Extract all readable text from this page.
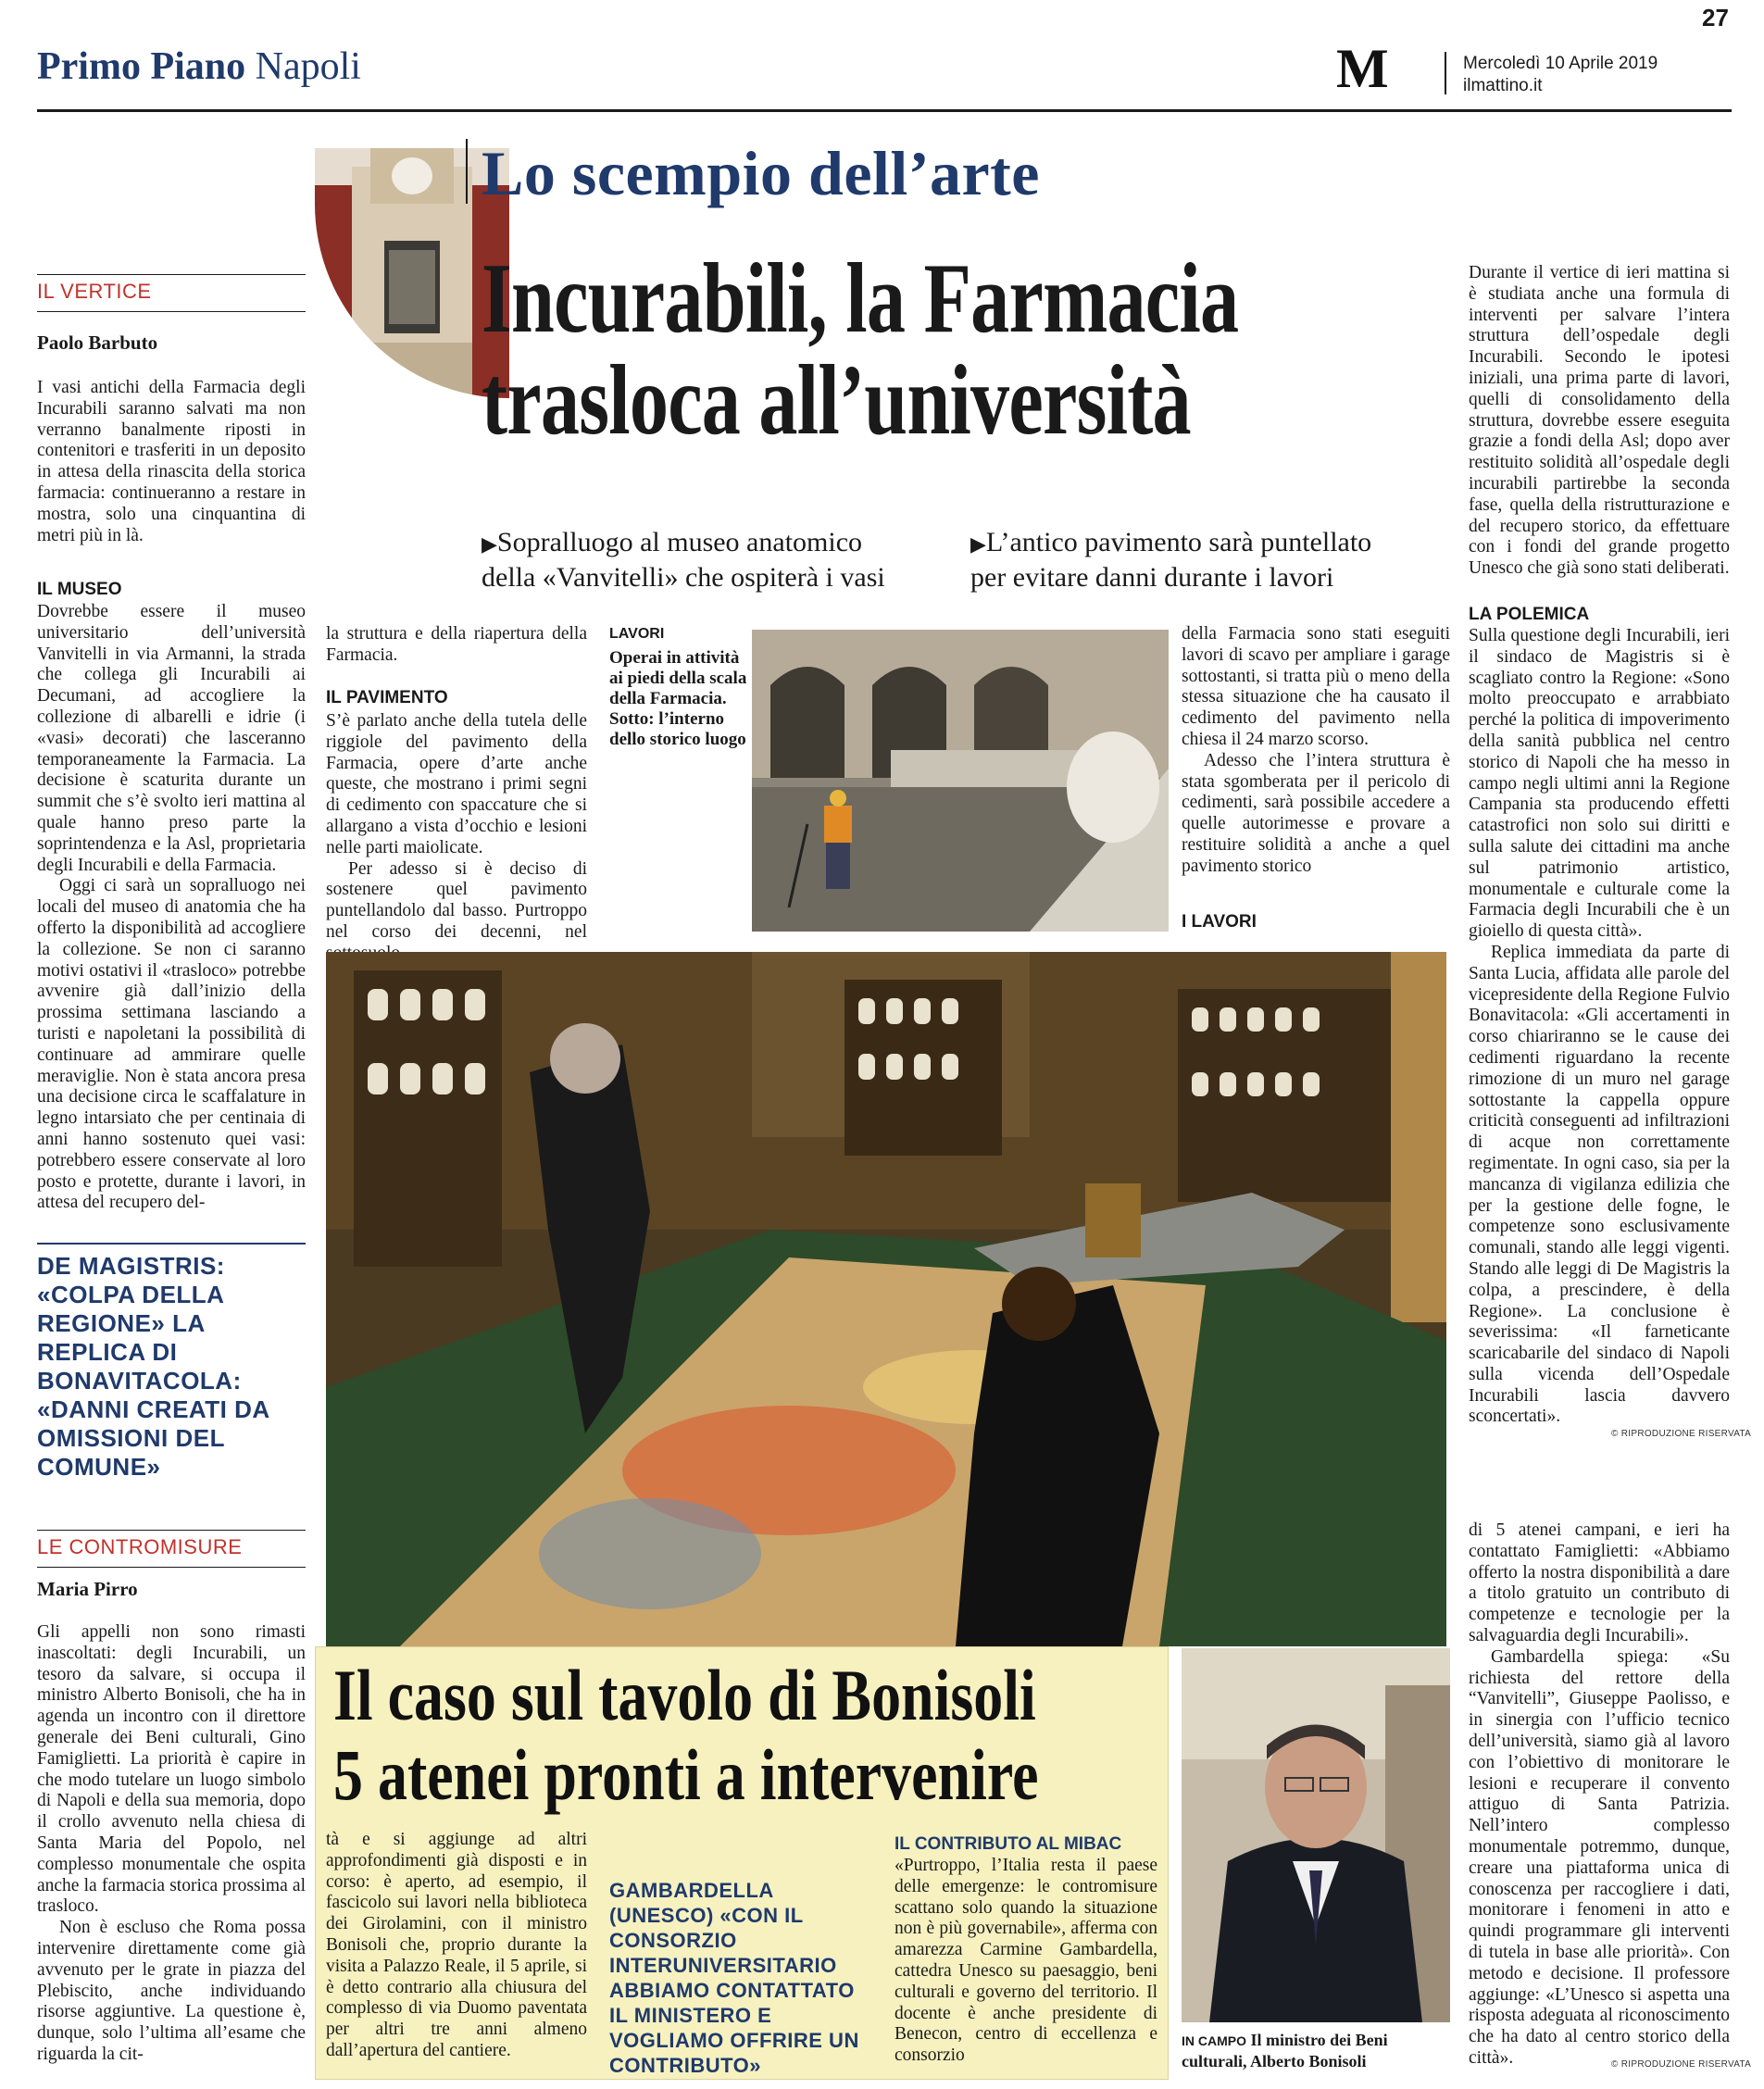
27
Primo Piano Napoli	M	Mercoledì 10 Aprile 2019
ilmattino.it
Lo scempio dell’arte
Incurabili, la Farmacia
trasloca all’università
▶Sopralluogo al museo anatomico
della «Vanvitelli» che ospiterà i vasi
▶L’antico pavimento sarà puntellato
per evitare danni durante i lavori
IL VERTICE
Paolo Barbuto

I vasi antichi della Farmacia degli Incurabili saranno salvati ma non verranno banalmente riposti in contenitori e trasferiti in un deposito in attesa della rinascita della storica farmacia: continueranno a restare in mostra, solo una cinquantina di metri più in là.

IL MUSEO

Dovrebbe essere il museo universitario dell’università Vanvitelli in via Armanni, la strada che collega gli Incurabili ai Decumani, ad accogliere la collezione di albarelli e idrie (i «vasi» decorati) che lasceranno temporaneamente la Farmacia. La decisione è scaturita durante un summit che s’è svolto ieri mattina al quale hanno preso parte la soprintendenza e la Asl, proprietaria degli Incurabili e della Farmacia.

Oggi ci sarà un sopralluogo nei locali del museo di anatomia che ha offerto la disponibilità ad accogliere la collezione. Se non ci saranno motivi ostativi il «trasloco» potrebbe avvenire già dall’inizio della prossima settimana lasciando a turisti e napoletani la possibilità di continuare ad ammirare quelle meraviglie. Non è stata ancora presa una decisione circa le scaffalature in legno intarsiato che per centinaia di anni hanno sostenuto quei vasi: potrebbero essere conservate al loro posto e protette, durante i lavori, in attesa del recupero del-

DE MAGISTRIS: «COLPA DELLA REGIONE» LA REPLICA DI BONAVITACOLA: «DANNI CREATI DA OMISSIONI DEL COMUNE»

la struttura e della riapertura della Farmacia.

IL PAVIMENTO

S’è parlato anche della tutela delle riggiole del pavimento della Farmacia, opere d’arte anche queste, che mostrano i primi segni di cedimento con spaccature che si allargano a vista d’occhio e lesioni nelle parti maiolicate.

Per adesso si è deciso di sostenere quel pavimento puntellandolo dal basso. Purtroppo nel corso dei decenni, nel

LAVORI
Operai in attività ai piedi della scala della Farmacia. Sotto: l’interno dello storico luogo

della Farmacia sono stati eseguiti lavori di scavo per ampliare i garage sottostanti, si tratta più o meno della stessa situazione che ha causato il cedimento del pavimento nella chiesa il 24 marzo scorso.

Adesso che l’intera struttura è stata sgomberata per il pericolo di cedimenti, sarà possibile accedere a quelle autorimesse e provare a restituire solidità a anche a quel pavimento storico

I LAVORI

Durante il vertice di ieri mattina si è studiata anche una formula di interventi per salvare l’intera struttura dell’ospedale degli Incurabili. Secondo le ipotesi iniziali, una prima parte di lavori, quelli di consolidamento della struttura, dovrebbe essere eseguita grazie a fondi della Asl; dopo aver restituito solidità all’ospedale degli incurabili partirebbe la seconda fase, quella della ristrutturazione e del recupero storico, da effettuare con i fondi del grande progetto Unesco che già sono stati deliberati.

LA POLEMICA

Sulla questione degli Incurabili, ieri il sindaco de Magistris si è scagliato contro la Regione: «Sono molto preoccupato e arrabbiato perché la politica di impoverimento della sanità pubblica nel centro storico di Napoli che ha messo in campo negli ultimi anni la Regione Campania sta producendo effetti catastrofici non solo sui diritti e sulla salute dei cittadini ma anche sul patrimonio artistico, monumentale e culturale come la Farmacia degli Incurabili che è un gioiello di questa città».

Replica immediata da parte di Santa Lucia, affidata alle parole del vicepresidente della Regione Fulvio Bonavitacola: «Gli accertamenti in corso chiariranno se le cause dei cedimenti riguardano la recente rimozione di un muro nel garage sottostante la cappella oppure criticità conseguenti ad infiltrazioni di acque non correttamente regimentate. In ogni caso, sia per la mancanza di vigilanza edilizia che per la gestione delle fogne, le competenze sono esclusivamente comunali, stando alle leggi vigenti. Stando alle leggi di De Magistris la colpa, a prescindere, è della Regione». La conclusione è severissima: «Il farneticante scaricabarile del sindaco di Napoli sulla vicenda dell’Ospedale Incurabili lascia davvero sconcertati».

© RIPRODUZIONE RISERVATA
LE CONTROMISURE
Maria Pirro

Gli appelli non sono rimasti inascoltati: degli Incurabili, un tesoro da salvare, si occupa il ministro Alberto Bonisoli, che ha in agenda un incontro con il direttore generale dei Beni culturali, Gino Famiglietti. La priorità è capire in che modo tutelare un luogo simbolo di Napoli e della sua memoria, dopo il crollo avvenuto nella chiesa di Santa Maria del Popolo, nel complesso monumentale che ospita anche la farmacia storica prossima al trasloco.

Non è escluso che Roma possa intervenire direttamente come già avvenuto per le grate in piazza del Plebiscito, anche individuando risorse aggiuntive. La questione è, dunque, solo l’ultima all’esame che riguarda la cit-

Il caso sul tavolo di Bonisoli
5 atenei pronti a intervenire

tà e si aggiunge ad altri approfondimenti già disposti e in corso: è aperto, ad esempio, il fascicolo sui lavori nella biblioteca dei Girolamini, con il ministro Bonisoli che, proprio durante la visita a Palazzo Reale, il 5 aprile, si è detto contrario alla chiusura del complesso di via Duomo paventata per altri tre anni almeno dall’apertura del cantiere.

GAMBARDELLA (UNESCO) «CON IL CONSORZIO INTERUNIVERSITARIO ABBIAMO CONTATTATO IL MINISTERO E VOGLIAMO OFFRIRE UN CONTRIBUTO»
IL CONTRIBUTO AL MIBAC

«Purtroppo, l’Italia resta il paese delle emergenze: le contromisure scattano solo quando la situazione non è più governabile», afferma con amarezza Carmine Gambardella, cattedra Unesco su paesaggio, beni culturali e governo del territorio. Il docente è anche presidente di Benecon, centro di eccellenza e consorzio

IN CAMPO Il ministro dei Beni culturali, Alberto Bonisoli

di 5 atenei campani, e ieri ha contattato Famiglietti: «Abbiamo offerto la nostra disponibilità a dare a titolo gratuito un contributo di competenze e tecnologie per la salvaguardia degli Incurabili».

Gambardella spiega: «Su richiesta del rettore della “Vanvitelli”, Giuseppe Paolisso, e in sinergia con l’ufficio tecnico dell’università, siamo già al lavoro con l’obiettivo di monitorare le lesioni e recuperare il convento attiguo di Santa Patrizia. Nell’intero complesso monumentale potremmo, dunque, creare una piattaforma unica di conoscenza per raccogliere i dati, monitorare i fenomeni in atto e quindi programmare gli interventi di tutela in base alle priorità». Con metodo e decisione. Il professore aggiunge: «L’Unesco si aspetta una risposta adeguata al riconoscimento che ha dato al centro storico della città».	© RIPRODUZIONE RISERVATA
